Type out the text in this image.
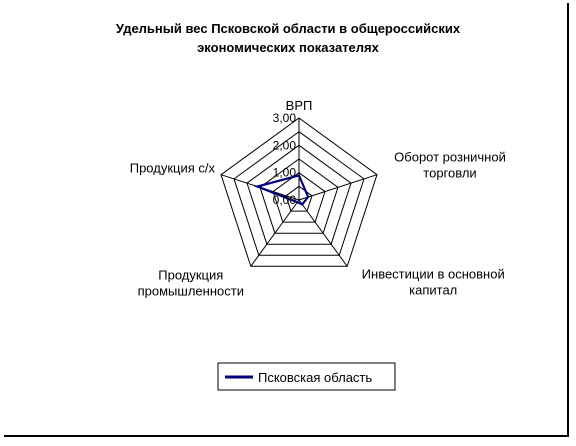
Удельный вес Псковской области в общероссийских
экономических показателях
0,00
1,00
2,00
3,00
ВРП
Оборот розничной
торговли
Инвестиции в основной
капитал
Продукция
промышленности
Продукция с/х
Псковская область
